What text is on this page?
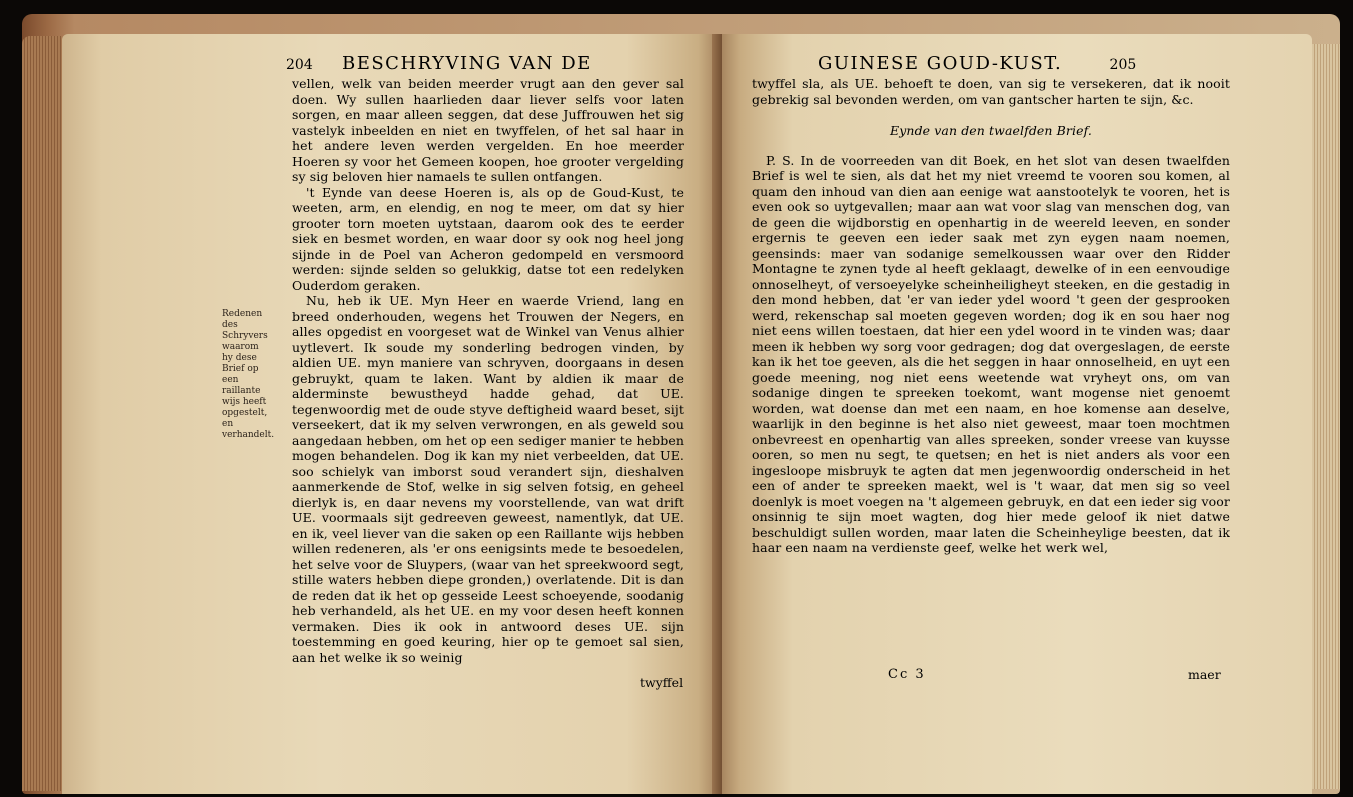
204 BESCHRYVING VAN DE
Redenen des Schryvers waarom hy dese Brief op een raillante wijs heeft opgestelt, en verhandelt.

vellen, welk van beiden meerder vrugt aan den gever sal doen. Wy sullen haarlieden daar liever selfs voor laten sorgen, en maar alleen seggen, dat dese Juffrouwen het sig vastelyk inbeelden en niet en twyffelen, of het sal haar in het andere leven werden vergelden. En hoe meerder Hoeren sy voor het Gemeen koopen, hoe grooter vergelding sy sig beloven hier namaels te sullen ontfangen.

't Eynde van deese Hoeren is, als op de Goud-Kust, te weeten, arm, en elendig, en nog te meer, om dat sy hier grooter torn moeten uytstaan, daarom ook des te eerder siek en besmet worden, en waar door sy ook nog heel jong sijnde in de Poel van Acheron gedompeld en versmoord werden: sijnde selden so gelukkig, datse tot een redelyken Ouderdom geraken.

Nu, heb ik UE. Myn Heer en waerde Vriend, lang en breed onderhouden, wegens het Trouwen der Negers, en alles opgedist en voorgeset wat de Winkel van Venus alhier uytlevert. Ik soude my sonderling bedrogen vinden, by aldien UE. myn maniere van schryven, doorgaans in desen gebruykt, quam te laken. Want by aldien ik maar de alderminste bewustheyd hadde gehad, dat UE. tegenwoordig met de oude styve deftigheid waard beset, sijt verseekert, dat ik my selven verwrongen, en als geweld sou aangedaan hebben, om het op een sediger manier te hebben mogen behandelen. Dog ik kan my niet verbeelden, dat UE. soo schielyk van imborst soud verandert sijn, dieshalven aanmerkende de Stof, welke in sig selven fotsig, en geheel dierlyk is, en daar nevens my voorstellende, van wat drift UE. voormaals sijt gedreeven geweest, namentlyk, dat UE. en ik, veel liever van die saken op een Raillante wijs hebben willen redeneren, als 'er ons eenigsints mede te besoedelen, het selve voor de Sluypers, (waar van het spreekwoord segt, stille waters hebben diepe gronden,) overlatende. Dit is dan de reden dat ik het op gesseide Leest schoeyende, soodanig heb verhandeld, als het UE. en my voor desen heeft konnen vermaken. Dies ik ook in antwoord deses UE. sijn toestemming en goed keuring, hier op te gemoet sal sien, aan het welke ik so weinig

twyffel
GUINESE GOUD-KUST.	205

twyffel sla, als UE. behoeft te doen, van sig te versekeren, dat ik nooit gebrekig sal bevonden werden, om van gantscher harten te sijn, &c.

Eynde van den twaelfden Brief.

P. S. In de voorreeden van dit Boek, en het slot van desen twaelfden Brief is wel te sien, als dat het my niet vreemd te vooren sou komen, al quam den inhoud van dien aan eenige wat aanstootelyk te vooren, het is even ook so uytgevallen; maar aan wat voor slag van menschen dog, van de geen die wijdborstig en openhartig in de weereld leeven, en sonder ergernis te geeven een ieder saak met zyn eygen naam noemen, geensinds: maer van sodanige semelkoussen waar over den Ridder Montagne te zynen tyde al heeft geklaagt, dewelke of in een eenvoudige onnoselheyt, of versoeyelyke scheinheiligheyt steeken, en die gestadig in den mond hebben, dat 'er van ieder ydel woord 't geen der gesprooken werd, rekenschap sal moeten gegeven worden; dog ik en sou haer nog niet eens willen toestaen, dat hier een ydel woord in te vinden was; daar meen ik hebben wy sorg voor gedragen; dog dat overgeslagen, de eerste kan ik het toe geeven, als die het seggen in haar onnoselheid, en uyt een goede meening, nog niet eens weetende wat vryheyt ons, om van sodanige dingen te spreeken toekomt, want mogense niet genoemt worden, wat doense dan met een naam, en hoe komense aan deselve, waarlijk in den beginne is het also niet geweest, maar toen mochtmen onbevreest en openhartig van alles spreeken, sonder vreese van kuysse ooren, so men nu segt, te quetsen; en het is niet anders als voor een ingesloope misbruyk te agten dat men jegenwoordig onderscheid in het een of ander te spreeken maekt, wel is 't waar, dat men sig so veel doenlyk is moet voegen na 't algemeen gebruyk, en dat een ieder sig voor onsinnig te sijn moet wagten, dog hier mede geloof ik niet datwe beschuldigt sullen worden, maar laten die Scheinheylige beesten, dat ik haar een naam na verdienste geef, welke het werk wel,

Cc 3	maer
